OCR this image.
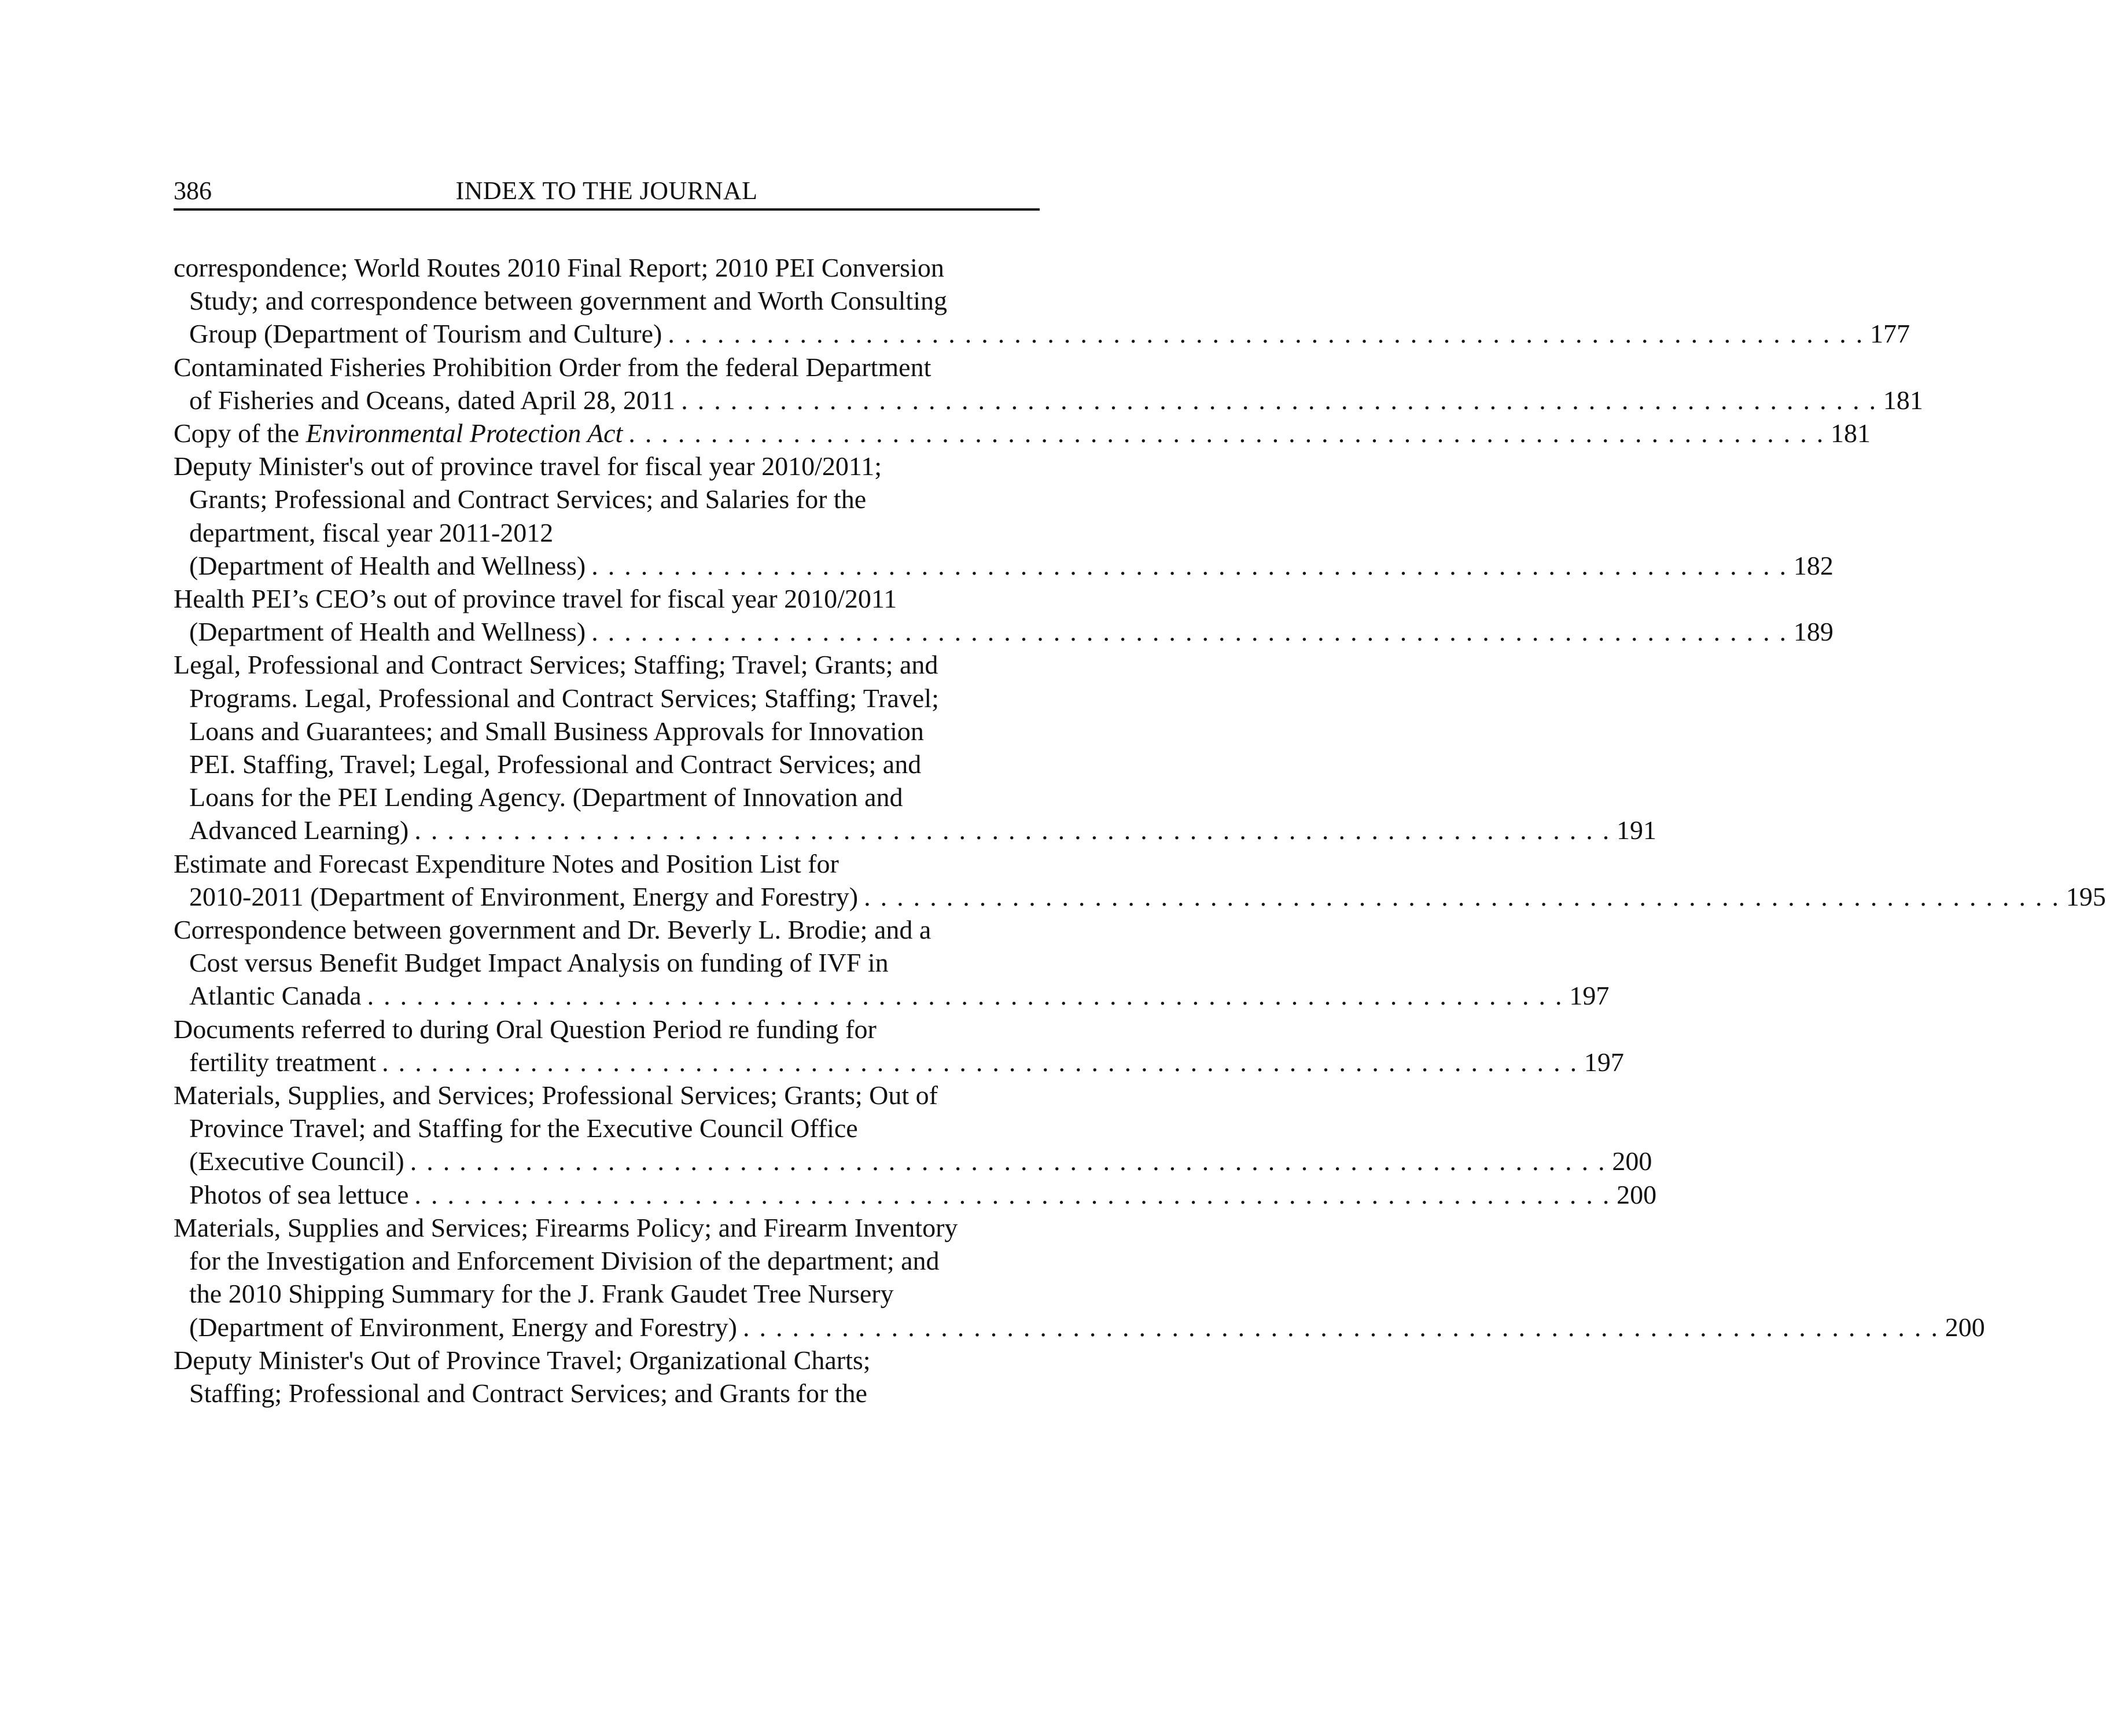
386	INDEX TO THE JOURNAL
correspondence; World Routes 2010 Final Report; 2010 PEI Conversion
Study; and correspondence between government and Worth Consulting
Group (Department of Tourism and Culture) . . . . . . . . . . . . . . . . . . . . . . . . . . . . . . . . . . . . . . . . . . . . . . . . . . . . . . . . . . . . . . . . . . . . . . . . . 177
Contaminated Fisheries Prohibition Order from the federal Department
of Fisheries and Oceans, dated April 28, 2011 . . . . . . . . . . . . . . . . . . . . . . . . . . . . . . . . . . . . . . . . . . . . . . . . . . . . . . . . . . . . . . . . . . . . . . . . . 181
Copy of the Environmental Protection Act . . . . . . . . . . . . . . . . . . . . . . . . . . . . . . . . . . . . . . . . . . . . . . . . . . . . . . . . . . . . . . . . . . . . . . . . . 181
Deputy Minister's out of province travel for fiscal year 2010/2011;
Grants; Professional and Contract Services; and Salaries for the
department, fiscal year 2011-2012
(Department of Health and Wellness) . . . . . . . . . . . . . . . . . . . . . . . . . . . . . . . . . . . . . . . . . . . . . . . . . . . . . . . . . . . . . . . . . . . . . . . . . 182
Health PEI’s CEO’s out of province travel for fiscal year 2010/2011
(Department of Health and Wellness) . . . . . . . . . . . . . . . . . . . . . . . . . . . . . . . . . . . . . . . . . . . . . . . . . . . . . . . . . . . . . . . . . . . . . . . . . 189
Legal, Professional and Contract Services; Staffing; Travel; Grants; and
Programs. Legal, Professional and Contract Services; Staffing; Travel;
Loans and Guarantees; and Small Business Approvals for Innovation
PEI. Staffing, Travel; Legal, Professional and Contract Services; and
Loans for the PEI Lending Agency. (Department of Innovation and
Advanced Learning) . . . . . . . . . . . . . . . . . . . . . . . . . . . . . . . . . . . . . . . . . . . . . . . . . . . . . . . . . . . . . . . . . . . . . . . . . 191
Estimate and Forecast Expenditure Notes and Position List for
2010-2011 (Department of Environment, Energy and Forestry) . . . . . . . . . . . . . . . . . . . . . . . . . . . . . . . . . . . . . . . . . . . . . . . . . . . . . . . . . . . . . . . . . . . . . . . . . 195
Correspondence between government and Dr. Beverly L. Brodie; and a
Cost versus Benefit Budget Impact Analysis on funding of IVF in
Atlantic Canada . . . . . . . . . . . . . . . . . . . . . . . . . . . . . . . . . . . . . . . . . . . . . . . . . . . . . . . . . . . . . . . . . . . . . . . . . 197
Documents referred to during Oral Question Period re funding for
fertility treatment . . . . . . . . . . . . . . . . . . . . . . . . . . . . . . . . . . . . . . . . . . . . . . . . . . . . . . . . . . . . . . . . . . . . . . . . . 197
Materials, Supplies, and Services; Professional Services; Grants; Out of
Province Travel; and Staffing for the Executive Council Office
(Executive Council) . . . . . . . . . . . . . . . . . . . . . . . . . . . . . . . . . . . . . . . . . . . . . . . . . . . . . . . . . . . . . . . . . . . . . . . . . 200
Photos of sea lettuce . . . . . . . . . . . . . . . . . . . . . . . . . . . . . . . . . . . . . . . . . . . . . . . . . . . . . . . . . . . . . . . . . . . . . . . . . 200
Materials, Supplies and Services; Firearms Policy; and Firearm Inventory
for the Investigation and Enforcement Division of the department; and
the 2010 Shipping Summary for the J. Frank Gaudet Tree Nursery
(Department of Environment, Energy and Forestry) . . . . . . . . . . . . . . . . . . . . . . . . . . . . . . . . . . . . . . . . . . . . . . . . . . . . . . . . . . . . . . . . . . . . . . . . . 200
Deputy Minister's Out of Province Travel; Organizational Charts;
Staffing; Professional and Contract Services; and Grants for the
